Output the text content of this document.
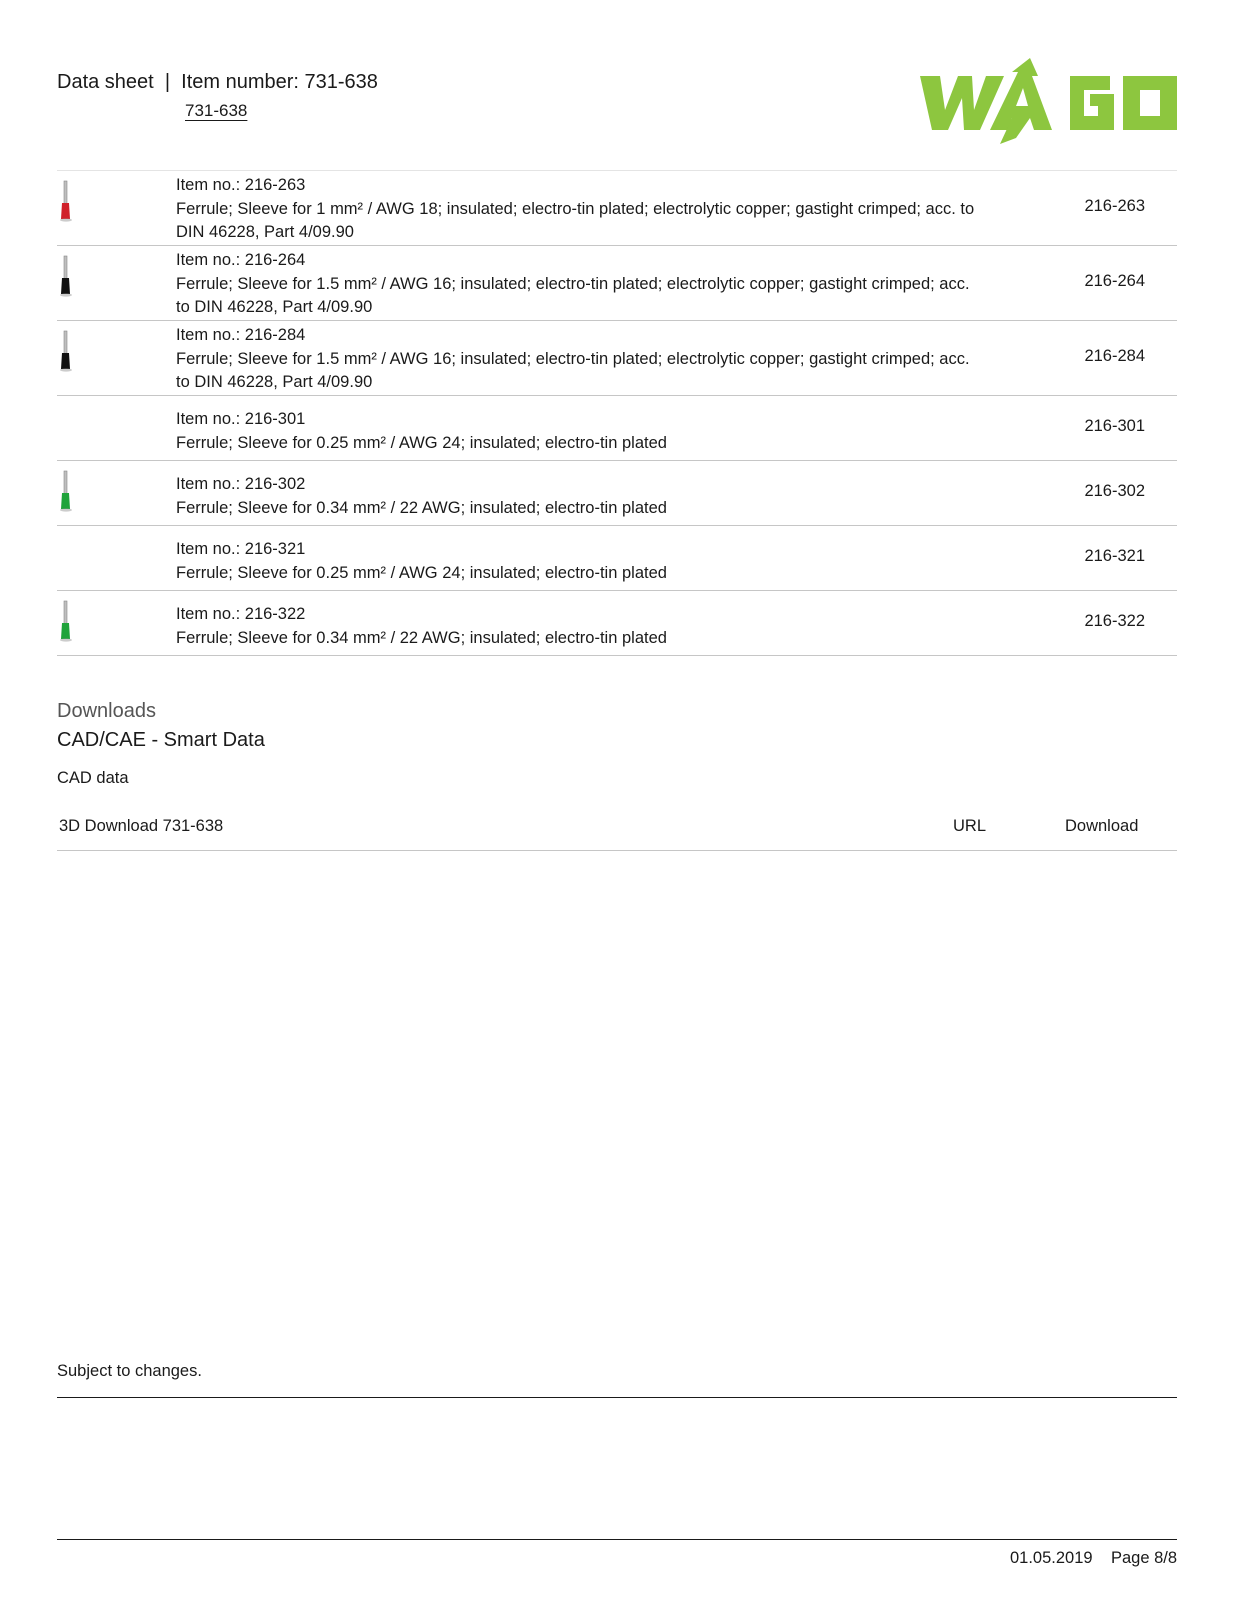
Data sheet  |  Item number: 731-638
731-638
Item no.: 216-263
Ferrule; Sleeve for 1 mm² / AWG 18; insulated; electro-tin plated; electrolytic copper; gastight crimped; acc. to DIN 46228, Part 4/09.90
216-263
Item no.: 216-264
Ferrule; Sleeve for 1.5 mm² / AWG 16; insulated; electro-tin plated; electrolytic copper; gastight crimped; acc. to DIN 46228, Part 4/09.90
216-264
Item no.: 216-284
Ferrule; Sleeve for 1.5 mm² / AWG 16; insulated; electro-tin plated; electrolytic copper; gastight crimped; acc. to DIN 46228, Part 4/09.90
216-284
Item no.: 216-301
Ferrule; Sleeve for 0.25 mm² / AWG 24; insulated; electro-tin plated
216-301
Item no.: 216-302
Ferrule; Sleeve for 0.34 mm² / 22 AWG; insulated; electro-tin plated
216-302
Item no.: 216-321
Ferrule; Sleeve for 0.25 mm² / AWG 24; insulated; electro-tin plated
216-321
Item no.: 216-322
Ferrule; Sleeve for 0.34 mm² / 22 AWG; insulated; electro-tin plated
216-322
Downloads
CAD/CAE - Smart Data
CAD data
3D Download 731-638	URL	Download
Subject to changes.
01.05.2019 Page 8/8
